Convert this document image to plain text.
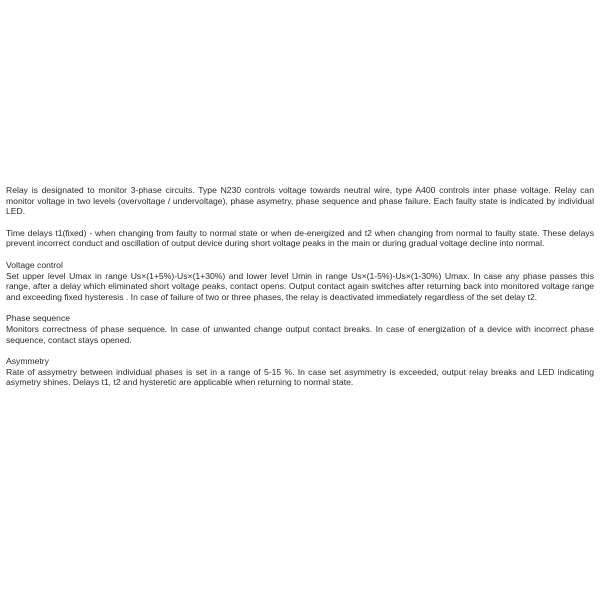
Relay is designated to monitor 3-phase circuits. Type N230 controls voltage towards neutral wire, type A400 controls inter phase voltage. Relay can monitor voltage in two levels (overvoltage / undervoltage), phase asymetry, phase sequence and phase failure. Each faulty state is indicated by individual LED.

Time delays t1(fixed) - when changing from faulty to normal state or when de-energized and t2 when changing from normal to faulty state. These delays prevent incorrect conduct and oscillation of output device during short voltage peaks in the main or during gradual voltage decline into normal.

Voltage control

Set upper level Umax in range Us×(1+5%)-Us×(1+30%) and lower level Umin in range Us×(1-5%)-Us×(1-30%) Umax. In case any phase passes this range, after a delay which eliminated short voltage peaks, contact opens. Output contact again switches after returning back into monitored voltage range and exceeding fixed hysteresis . In case of failure of two or three phases, the relay is deactivated immediately regardless of the set delay t2.

Phase sequence

Monitors correctness of phase sequence. In case of unwanted change output contact breaks. In case of energization of a device with incorrect phase sequence, contact stays opened.

Asymmetry

Rate of assymetry between individual phases is set in a range of 5-15 %. In case set asymmetry is exceeded, output relay breaks and LED indicating asymetry shines. Delays t1, t2 and hysteretic are applicable when returning to normal state.
